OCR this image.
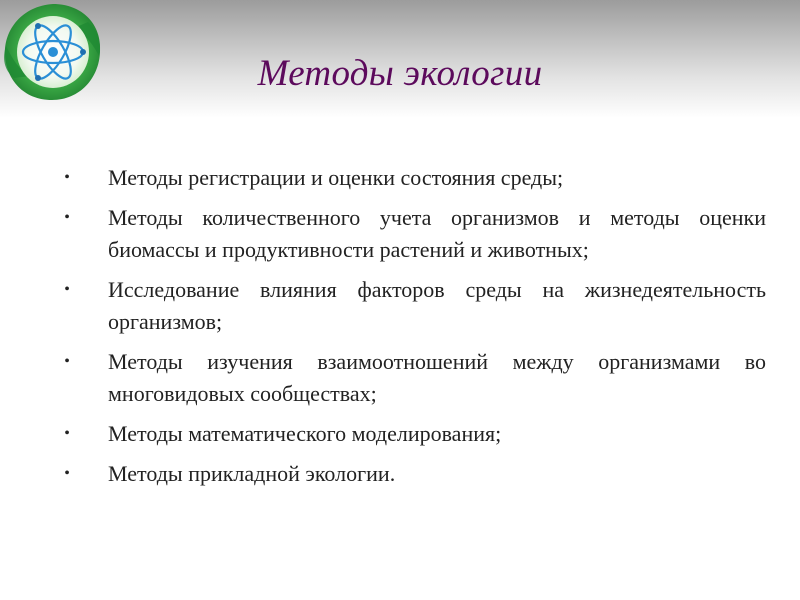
Методы экологии
• Методы регистрации и оценки состояния среды;
• Методы количественного учета организмов и методы оценки биомассы и продуктивности растений и животных;
• Исследование влияния факторов среды на жизнедеятельность организмов;
• Методы изучения взаимоотношений между организмами во многовидовых сообществах;
• Методы математического моделирования;
• Методы прикладной экологии.
